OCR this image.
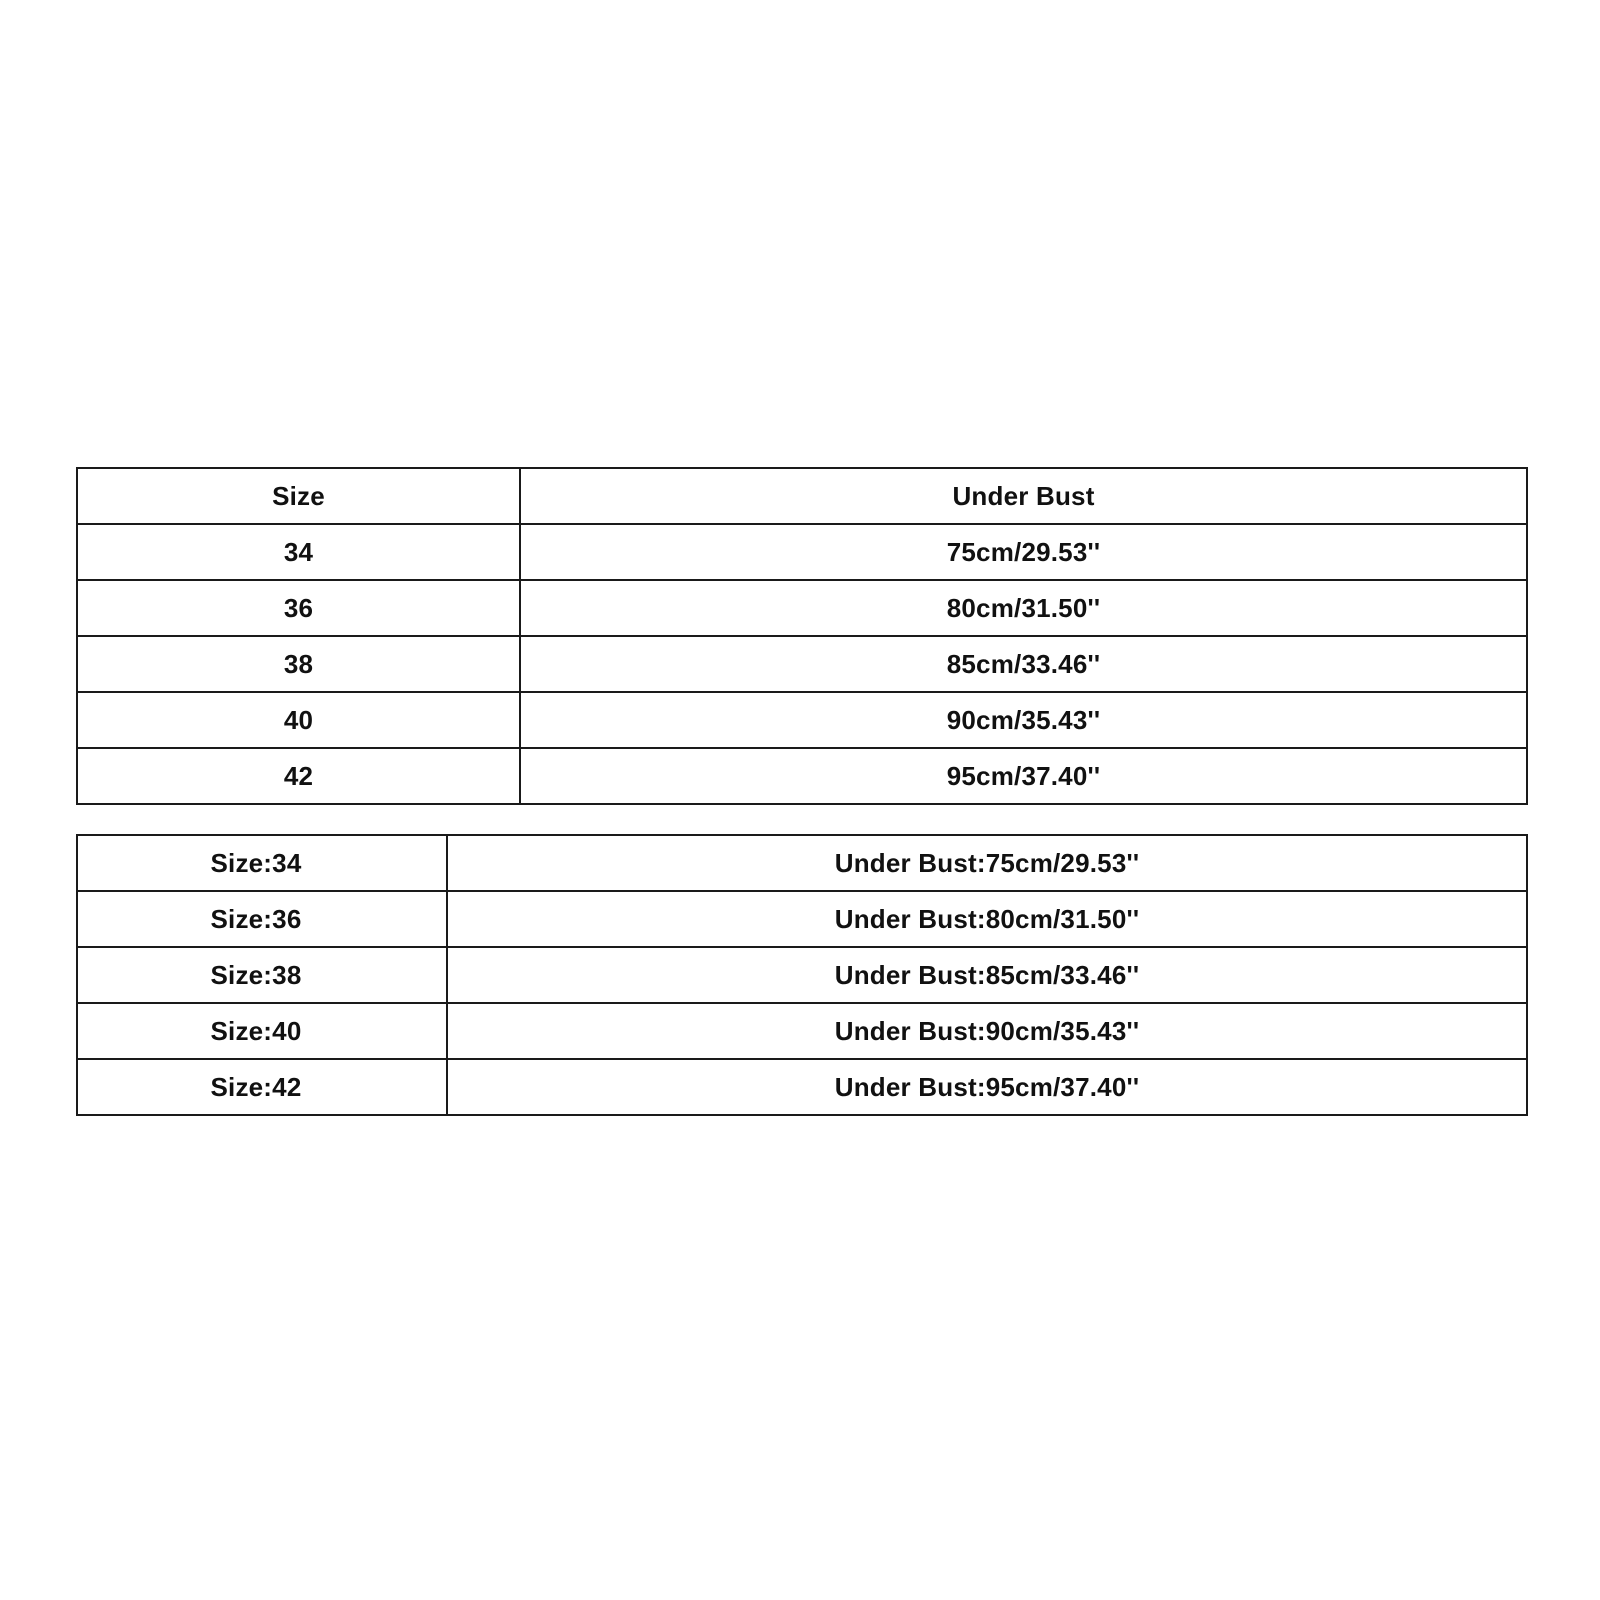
Size	Under Bust
34	75cm/29.53''
36	80cm/31.50''
38	85cm/33.46''
40	90cm/35.43''
42	95cm/37.40''
Size:34	Under Bust:75cm/29.53''
Size:36	Under Bust:80cm/31.50''
Size:38	Under Bust:85cm/33.46''
Size:40	Under Bust:90cm/35.43''
Size:42	Under Bust:95cm/37.40''
